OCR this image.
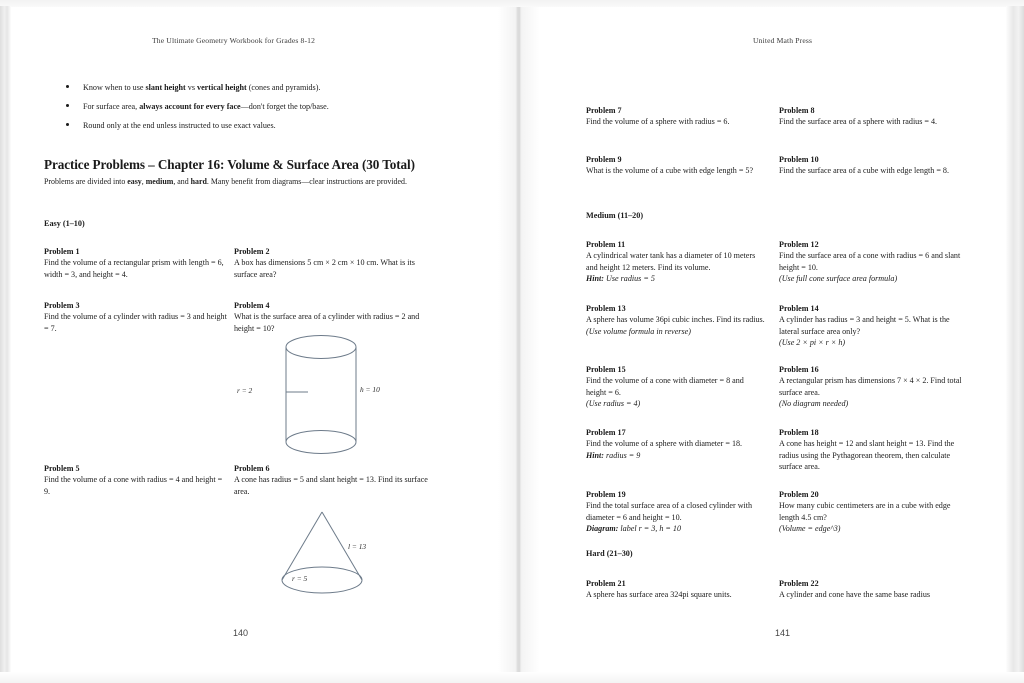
The Ultimate Geometry Workbook for Grades 8-12
Know when to use slant height vs vertical height (cones and pyramids).
For surface area, always account for every face—don't forget the top/base.
Round only at the end unless instructed to use exact values.
Practice Problems – Chapter 16: Volume & Surface Area (30 Total)
Problems are divided into easy, medium, and hard. Many benefit from diagrams—clear instructions are provided.
Easy (1–10)
Problem 1
Find the volume of a rectangular prism with length = 6, width = 3, and height = 4.
Problem 2
A box has dimensions 5 cm × 2 cm × 10 cm. What is its surface area?
Problem 3
Find the volume of a cylinder with radius = 3 and height = 7.
Problem 4
What is the surface area of a cylinder with radius = 2 and height = 10?
r = 2	h = 10
Problem 5
Find the volume of a cone with radius = 4 and height = 9.
Problem 6
A cone has radius = 5 and slant height = 13. Find its surface area.
l = 13
r = 5
140
United Math Press
Problem 7
Find the volume of a sphere with radius = 6.
Problem 8
Find the surface area of a sphere with radius = 4.
Problem 9
What is the volume of a cube with edge length = 5?
Problem 10
Find the surface area of a cube with edge length = 8.
Medium (11–20)
Problem 11
A cylindrical water tank has a diameter of 10 meters and height 12 meters. Find its volume.
Hint: Use radius = 5
Problem 12
Find the surface area of a cone with radius = 6 and slant height = 10.
(Use full cone surface area formula)
Problem 13
A sphere has volume 36pi cubic inches. Find its radius.
(Use volume formula in reverse)
Problem 14
A cylinder has radius = 3 and height = 5. What is the lateral surface area only?
(Use 2 × pi × r × h)
Problem 15
Find the volume of a cone with diameter = 8 and height = 6.
(Use radius = 4)
Problem 16
A rectangular prism has dimensions 7 × 4 × 2. Find total surface area.
(No diagram needed)
Problem 17
Find the volume of a sphere with diameter = 18.
Hint: radius = 9
Problem 18
A cone has height = 12 and slant height = 13. Find the radius using the Pythagorean theorem, then calculate surface area.
Problem 19
Find the total surface area of a closed cylinder with diameter = 6 and height = 10.
Diagram: label r = 3, h = 10
Problem 20
How many cubic centimeters are in a cube with edge length 4.5 cm?
(Volume = edge^3)
Hard (21–30)
Problem 21
A sphere has surface area 324pi square units.
Problem 22
A cylinder and cone have the same base radius
141
